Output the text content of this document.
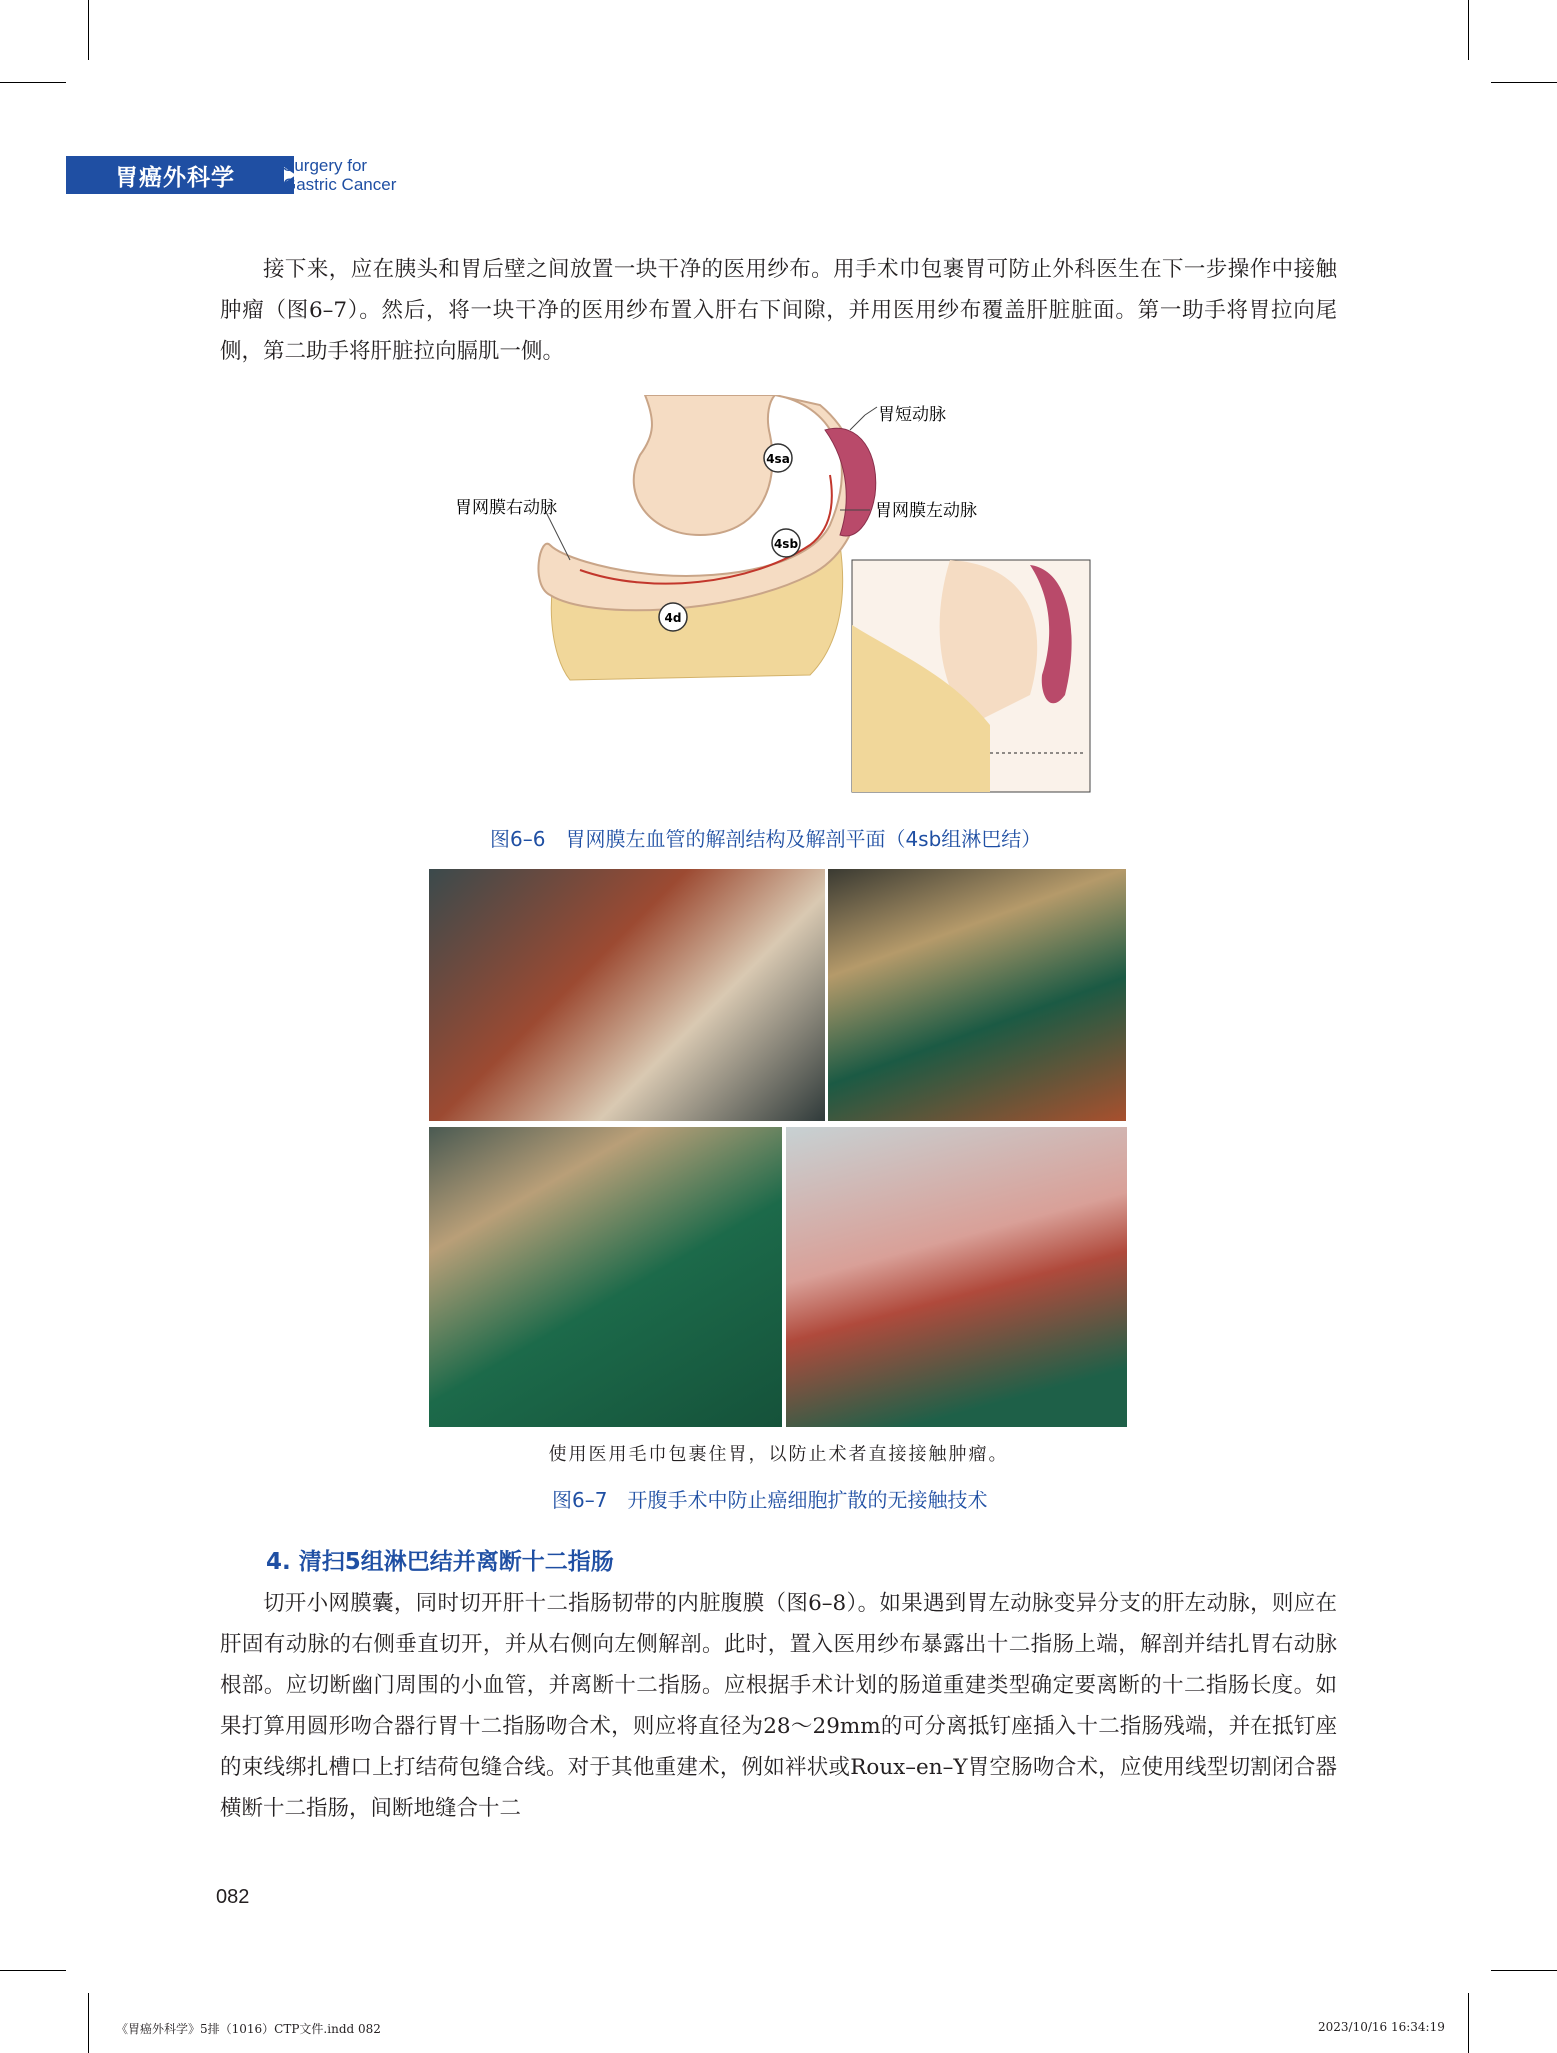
胃癌外科学	Surgery for
Gastric Cancer

接下来，应在胰头和胃后壁之间放置一块干净的医用纱布。用手术巾包裹胃可防止外科医生在下一步操作中接触肿瘤（图6–7）。然后，将一块干净的医用纱布置入肝右下间隙，并用医用纱布覆盖肝脏脏面。第一助手将胃拉向尾侧，第二助手将肝脏拉向膈肌一侧。

4sa
4sb
4d
胃短动脉
胃网膜左动脉
胃网膜右动脉
图6–6　胃网膜左血管的解剖结构及解剖平面（4sb组淋巴结）
使用医用毛巾包裹住胃，以防止术者直接接触肿瘤。
图6–7　开腹手术中防止癌细胞扩散的无接触技术
4. 清扫5组淋巴结并离断十二指肠

切开小网膜囊，同时切开肝十二指肠韧带的内脏腹膜（图6–8）。如果遇到胃左动脉变异分支的肝左动脉，则应在肝固有动脉的右侧垂直切开，并从右侧向左侧解剖。此时，置入医用纱布暴露出十二指肠上端，解剖并结扎胃右动脉根部。应切断幽门周围的小血管，并离断十二指肠。应根据手术计划的肠道重建类型确定要离断的十二指肠长度。如果打算用圆形吻合器行胃十二指肠吻合术，则应将直径为28～29mm的可分离抵钉座插入十二指肠残端，并在抵钉座的束线绑扎槽口上打结荷包缝合线。对于其他重建术，例如袢状或Roux–en–Y胃空肠吻合术，应使用线型切割闭合器横断十二指肠，间断地缝合十二

082
《胃癌外科学》5排（1016）CTP文件.indd 082	2023/10/16 16:34:19
